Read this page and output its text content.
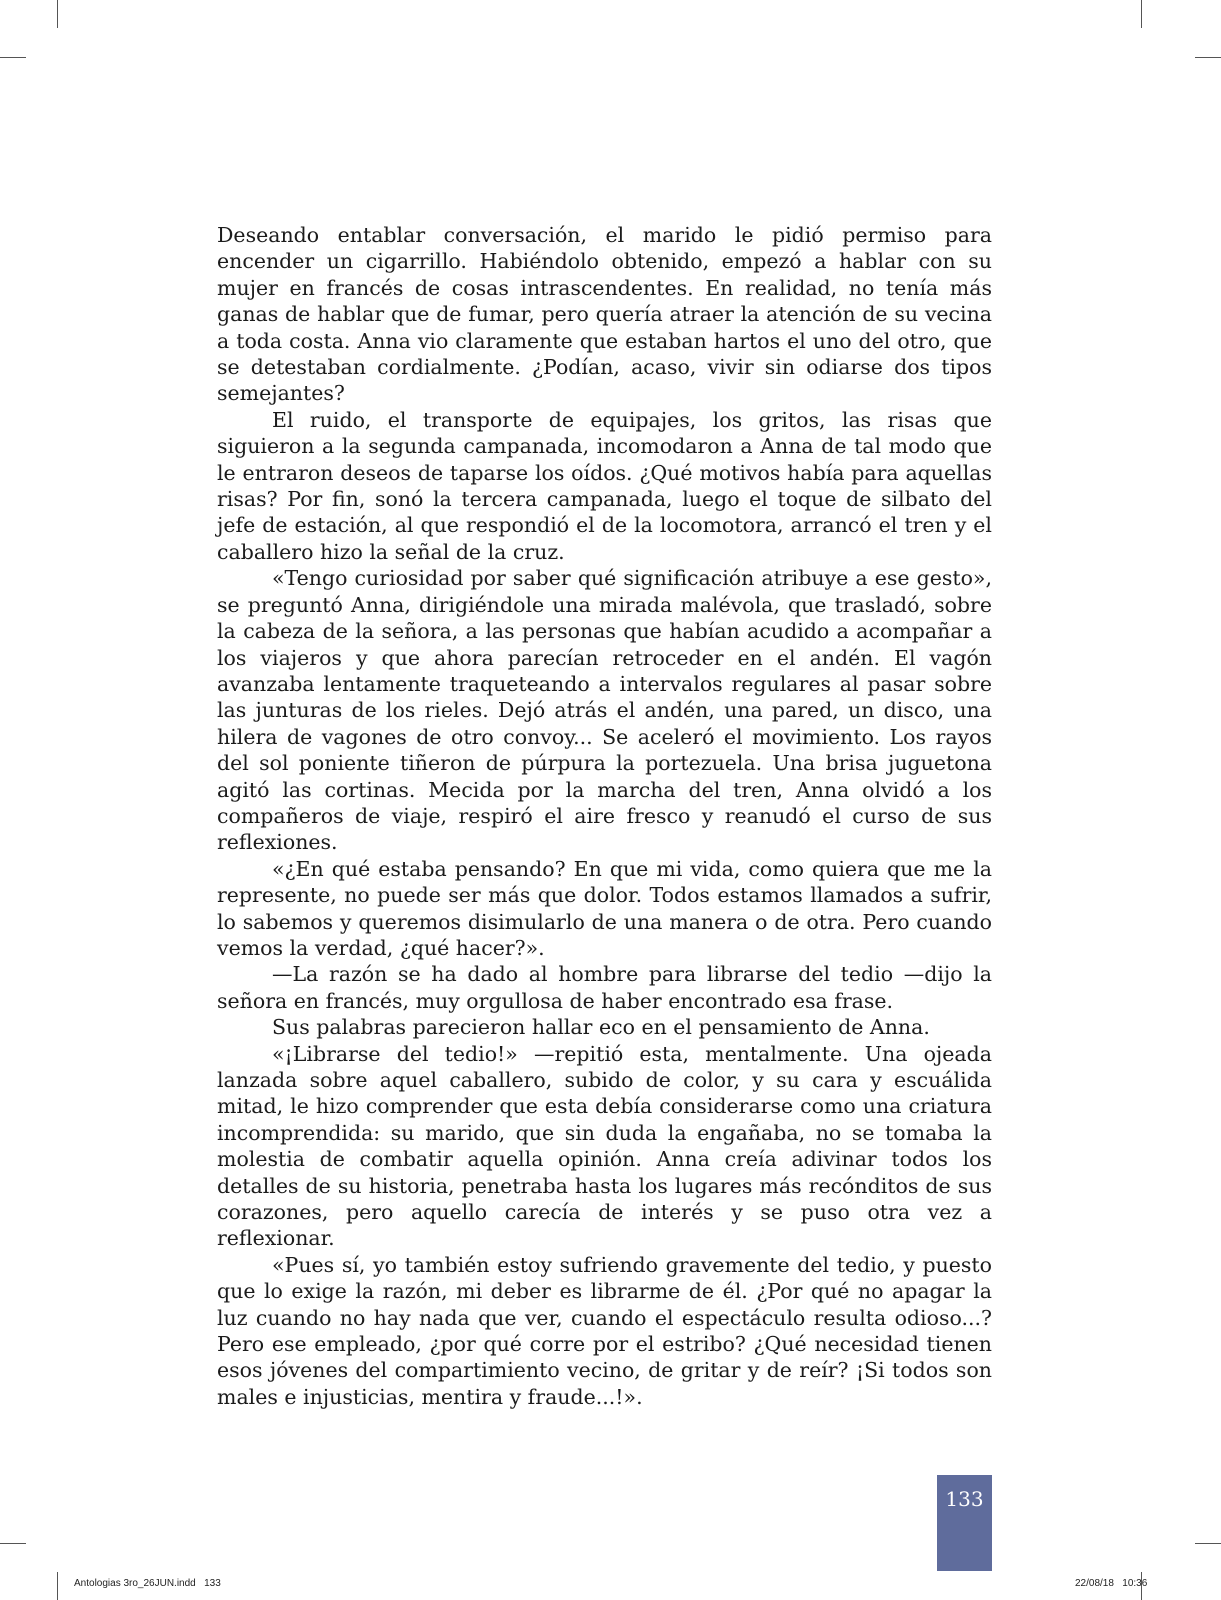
Deseando entablar conversación, el marido le pidió permiso para encender un cigarrillo. Habiéndolo obtenido, empezó a hablar con su mujer en francés de cosas intrascendentes. En realidad, no tenía más ganas de hablar que de fumar, pero quería atraer la atención de su vecina a toda costa. Anna vio claramente que estaban hartos el uno del otro, que se detestaban cordialmente. ¿Podían, acaso, vivir sin odiarse dos tipos semejantes?

El ruido, el transporte de equipajes, los gritos, las risas que siguieron a la segunda campanada, incomodaron a Anna de tal modo que le entraron deseos de taparse los oídos. ¿Qué motivos había para aquellas risas? Por fin, sonó la tercera campanada, luego el toque de silbato del jefe de estación, al que respondió el de la locomotora, arrancó el tren y el caballero hizo la señal de la cruz.

«Tengo curiosidad por saber qué significación atribuye a ese gesto», se preguntó Anna, dirigiéndole una mirada malévola, que trasladó, sobre la cabeza de la señora, a las personas que habían acudido a acompañar a los viajeros y que ahora parecían retroceder en el andén. El vagón avanzaba lentamente traqueteando a intervalos regulares al pasar sobre las junturas de los rieles. Dejó atrás el andén, una pared, un disco, una hilera de vagones de otro convoy... Se aceleró el movimiento. Los rayos del sol poniente tiñeron de púrpura la portezuela. Una brisa juguetona agitó las cortinas. Mecida por la marcha del tren, Anna olvidó a los compañeros de viaje, respiró el aire fresco y reanudó el curso de sus reflexiones.

«¿En qué estaba pensando? En que mi vida, como quiera que me la represente, no puede ser más que dolor. Todos estamos llamados a sufrir, lo sabemos y queremos disimularlo de una manera o de otra. Pero cuando vemos la verdad, ¿qué hacer?».

—La razón se ha dado al hombre para librarse del tedio —dijo la señora en francés, muy orgullosa de haber encontrado esa frase.

Sus palabras parecieron hallar eco en el pensamiento de Anna.

«¡Librarse del tedio!» —repitió esta, mentalmente. Una ojeada lanzada sobre aquel caballero, subido de color, y su cara y escuálida mitad, le hizo comprender que esta debía considerarse como una criatura incomprendida: su marido, que sin duda la engañaba, no se tomaba la molestia de combatir aquella opinión. Anna creía adivinar todos los detalles de su historia, penetraba hasta los lugares más recónditos de sus corazones, pero aquello carecía de interés y se puso otra vez a reflexionar.

«Pues sí, yo también estoy sufriendo gravemente del tedio, y puesto que lo exige la razón, mi deber es librarme de él. ¿Por qué no apagar la luz cuando no hay nada que ver, cuando el espectáculo resulta odioso...? Pero ese empleado, ¿por qué corre por el estribo? ¿Qué necesidad tienen esos jóvenes del compartimiento vecino, de gritar y de reír? ¡Si todos son males e injusticias, mentira y fraude...!».

133
Antologias 3ro_26JUN.indd   133	22/08/18   10:36
